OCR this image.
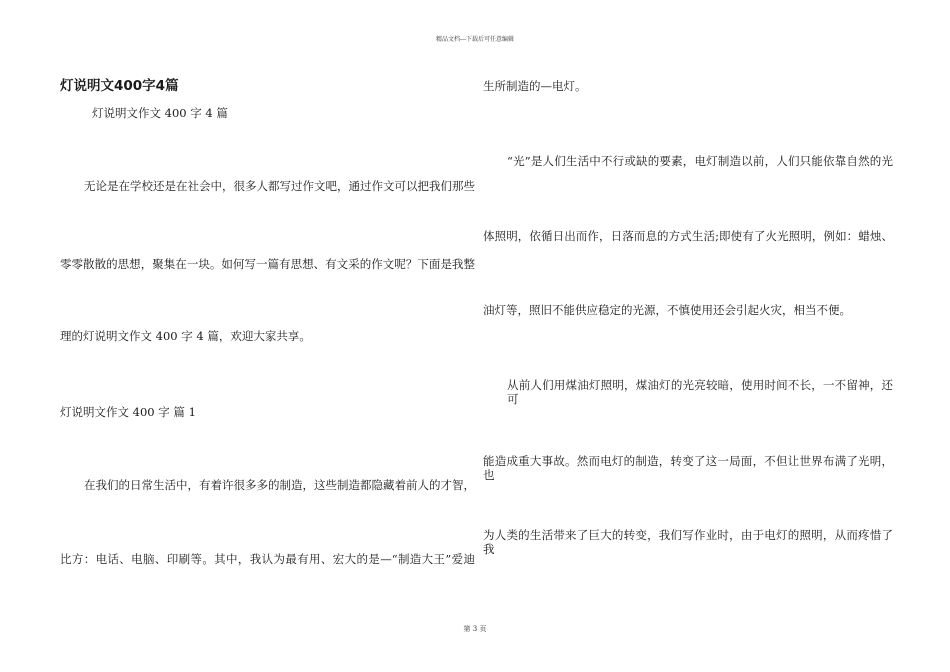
精品文档---下载后可任意编辑
灯说明文400字4篇
灯说明文作文 400 字 4 篇
无论是在学校还是在社会中，很多人都写过作文吧，通过作文可以把我们那些
零零散散的思想，聚集在一块。如何写一篇有思想、有文采的作文呢？下面是我整
理的灯说明文作文 400 字 4 篇，欢迎大家共享。
灯说明文作文 400 字 篇 1
在我们的日常生活中，有着许很多多的制造，这些制造都隐藏着前人的才智，
比方：电话、电脑、印刷等。其中，我认为最有用、宏大的是—“制造大王”爱迪
生所制造的—电灯。
“光”是人们生活中不行或缺的要素，电灯制造以前，人们只能依靠自然的光
体照明，依循日出而作，日落而息的方式生活;即使有了火光照明，例如：蜡烛、
油灯等，照旧不能供应稳定的光源，不慎使用还会引起火灾，相当不便。
从前人们用煤油灯照明，煤油灯的光亮较暗，使用时间不长，一不留神，还可
能造成重大事故。然而电灯的制造，转变了这一局面，不但让世界布满了光明，也
为人类的生活带来了巨大的转变，我们写作业时，由于电灯的照明，从而疼惜了我
第 3 页
